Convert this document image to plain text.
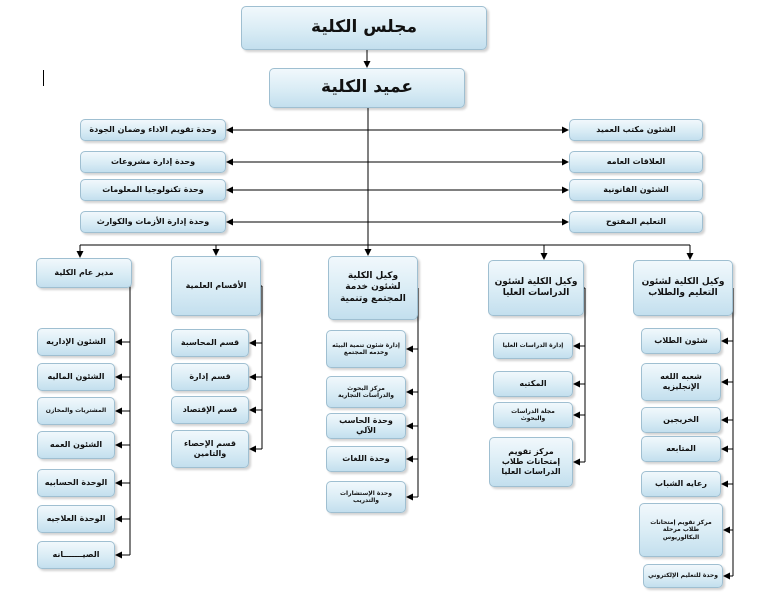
مجلس الكلية
عميد الكلية
وحدة تقويم الاداء وضمان الجودة	الشئون مكتب العميد
وحدة إدارة مشروعات	العلاقات العامه
وحدة تكنولوجيا المعلومات	الشئون القانونية
وحدة إدارة الأزمات والكوارث	التعليم المفتوح
مدير عام الكلية
الشئون الإداريه
الشئون الماليه
المشتريات والمخازن
الشئون العمه
الوحدة الحسابيه
الوحدة العلاجيه
الصيـــــــانه
الأقسام العلمية
قسم المحاسبة
قسم إدارة
قسم الإقتصاد
قسم الإحصاء والتامين
وكيل الكلية لشئون خدمة المجتمع وتنمية
إدارة شئون تنمية البيئه وخدمه المجتمع
مركز البحوث والدراسات التجارية
وحدة الحاسب الآلي
وحدة اللغات
وحدة الإستشارات والتدريب
وكيل الكلية لشئون الدراسات العليا
إدارة الدراسات العليا
المكتبه
مجلة الدراسات والبحوث
مركز تقويم إمتحانات طلاب الدراسات العليا
وكيل الكلية لشئون التعليم والطلاب
شئون الطلاب
شعبه اللغه الإنجليزيه
الخريجين
المتابعه
رعايه الشباب
مركز تقويم إمتحانات طلاب مرحلة البكالوريوس
وحدة للتعليم الإلكتروني
